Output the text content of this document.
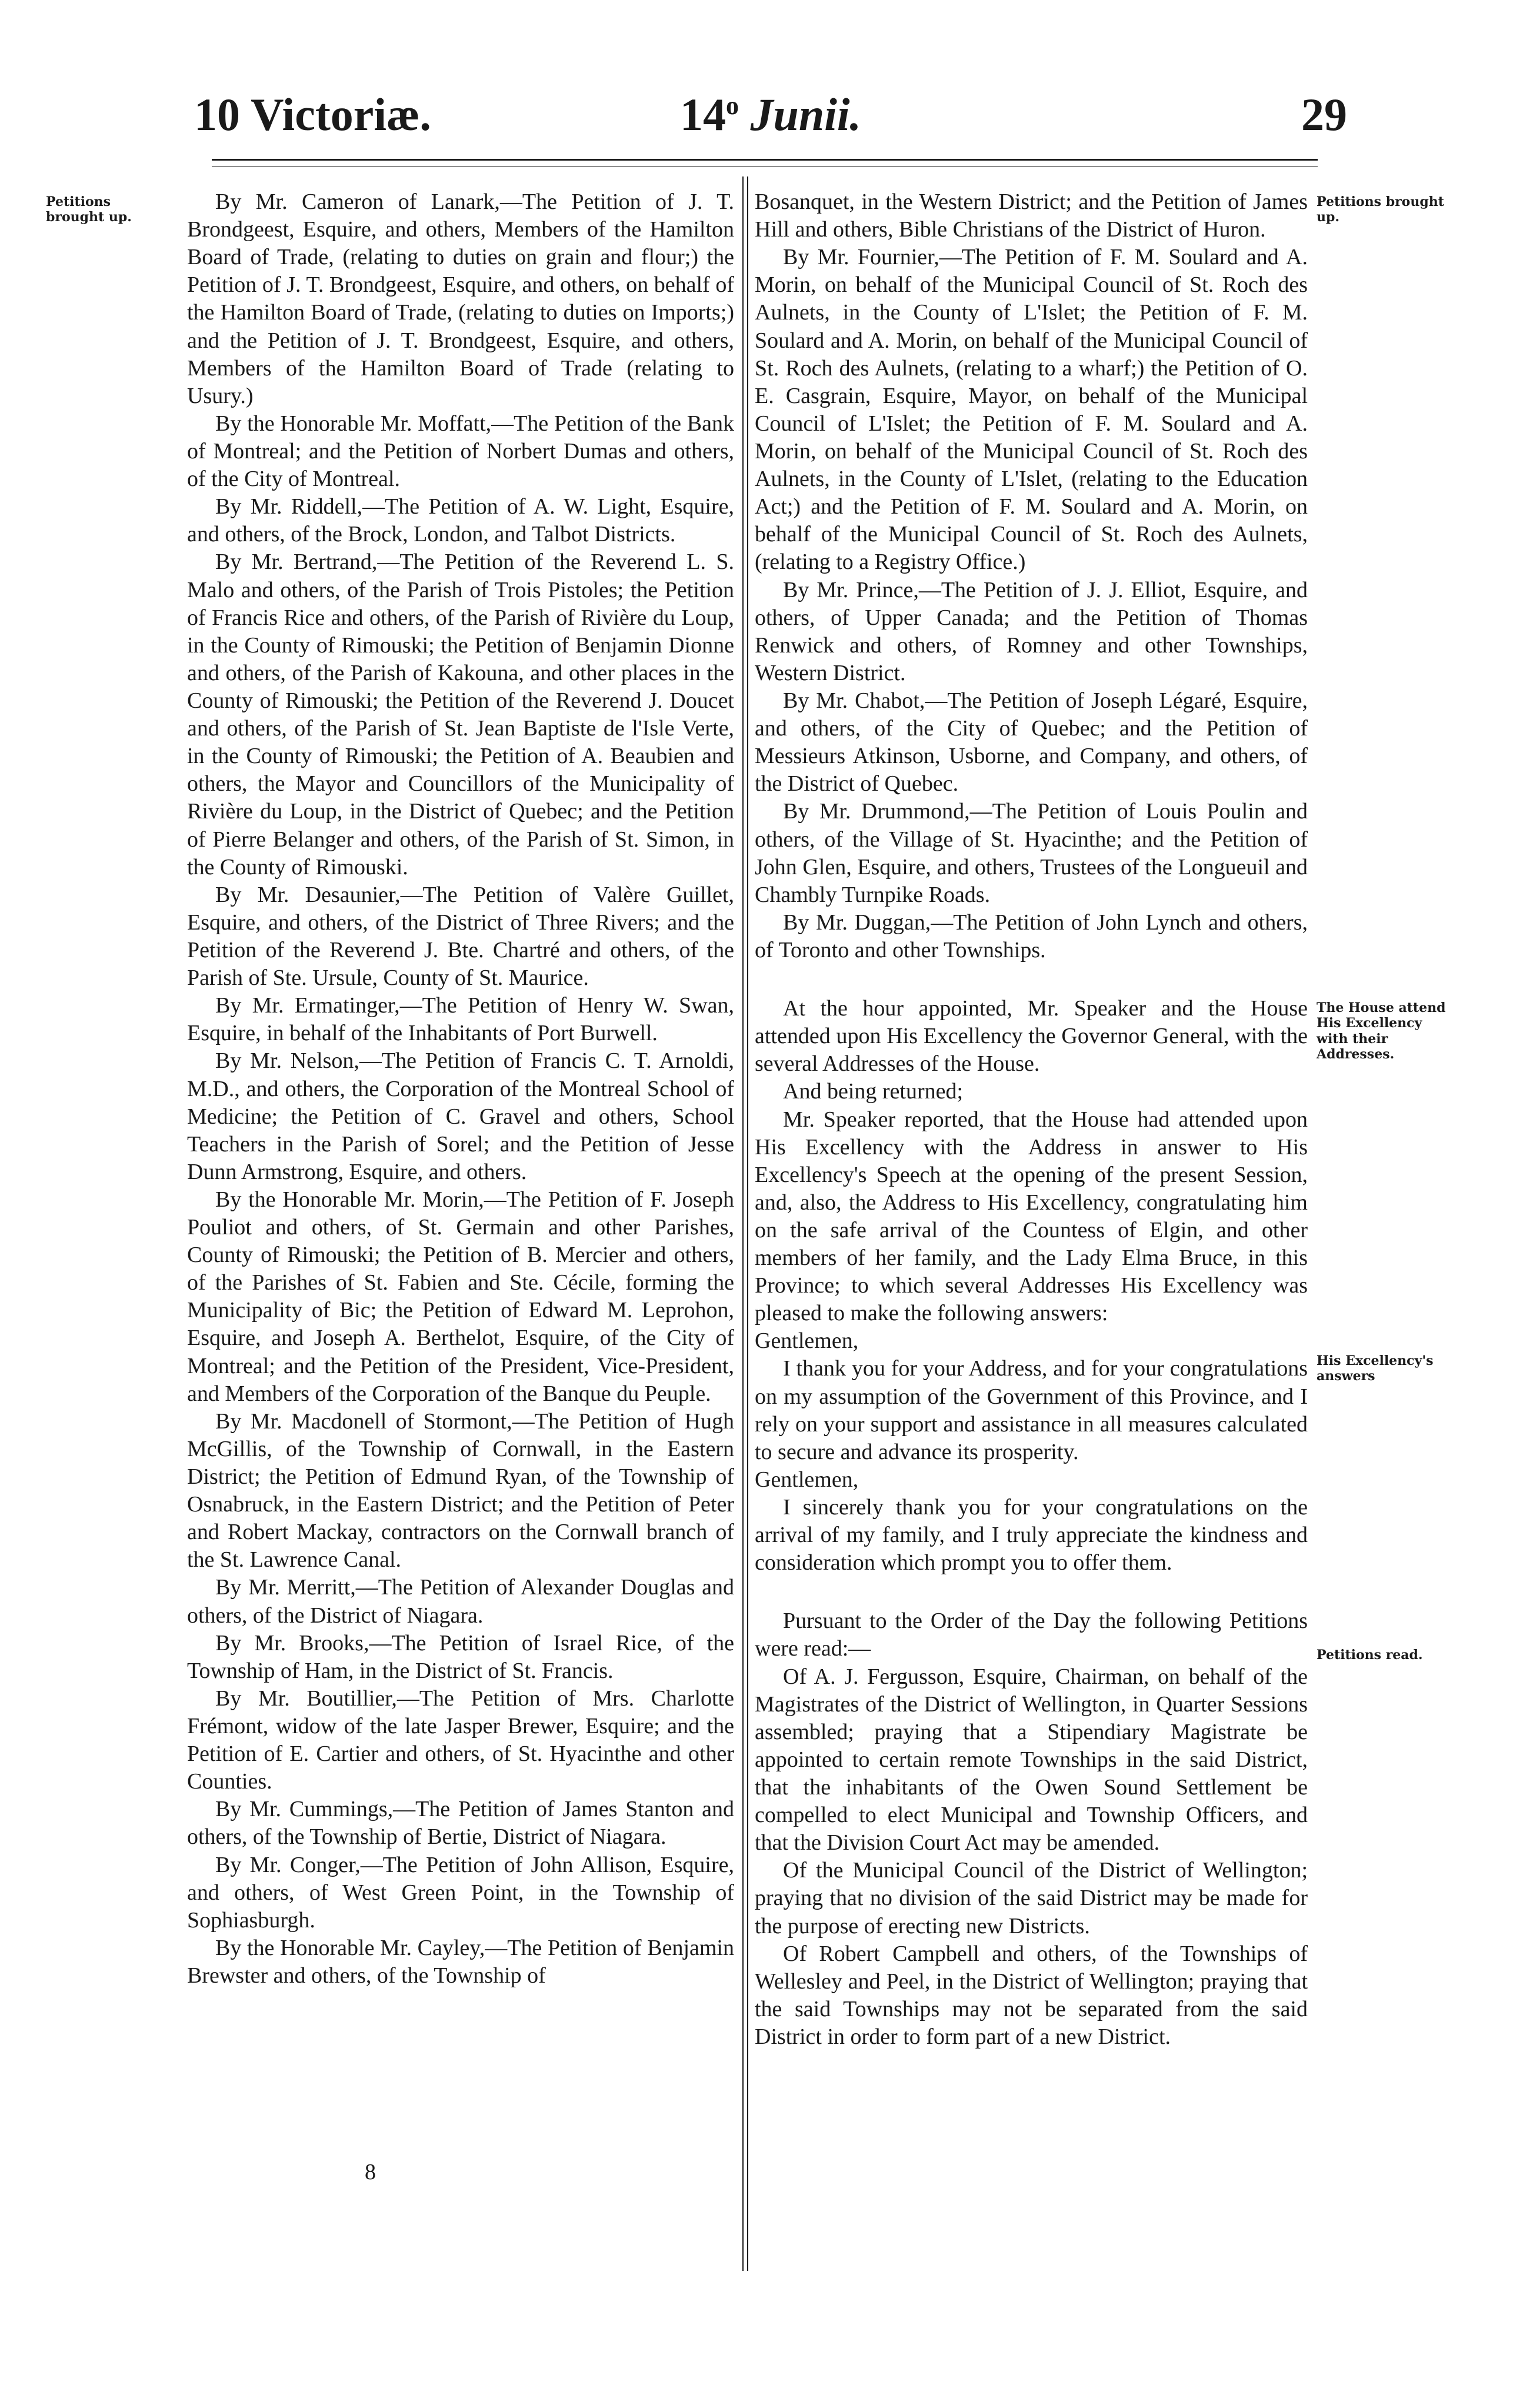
10 Victoriæ.	14$^o$ Junii.	29
Petitions brought up.
Petitions brought up.
The House attend His Excellency with their Addresses.
His Excellency's answers
Petitions read.

By Mr. Cameron of Lanark,—The Petition of J. T. Brondgeest, Esquire, and others, Members of the Hamilton Board of Trade, (relating to duties on grain and flour;) the Petition of J. T. Brondgeest, Esquire, and others, on behalf of the Hamilton Board of Trade, (relating to duties on Imports;) and the Petition of J. T. Brondgeest, Esquire, and others, Members of the Hamilton Board of Trade (relating to Usury.)

By the Honorable Mr. Moffatt,—The Petition of the Bank of Montreal; and the Petition of Norbert Dumas and others, of the City of Montreal.

By Mr. Riddell,—The Petition of A. W. Light, Esquire, and others, of the Brock, London, and Talbot Districts.

By Mr. Bertrand,—The Petition of the Reverend L. S. Malo and others, of the Parish of Trois Pistoles; the Petition of Francis Rice and others, of the Parish of Rivière du Loup, in the County of Rimouski; the Petition of Benjamin Dionne and others, of the Parish of Kakouna, and other places in the County of Rimouski; the Petition of the Reverend J. Doucet and others, of the Parish of St. Jean Baptiste de l'Isle Verte, in the County of Rimouski; the Petition of A. Beaubien and others, the Mayor and Councillors of the Municipality of Rivière du Loup, in the District of Quebec; and the Petition of Pierre Belanger and others, of the Parish of St. Simon, in the County of Rimouski.

By Mr. Desaunier,—The Petition of Valère Guillet, Esquire, and others, of the District of Three Rivers; and the Petition of the Reverend J. Bte. Chartré and others, of the Parish of Ste. Ursule, County of St. Maurice.

By Mr. Ermatinger,—The Petition of Henry W. Swan, Esquire, in behalf of the Inhabitants of Port Burwell.

By Mr. Nelson,—The Petition of Francis C. T. Arnoldi, M.D., and others, the Corporation of the Montreal School of Medicine; the Petition of C. Gravel and others, School Teachers in the Parish of Sorel; and the Petition of Jesse Dunn Armstrong, Esquire, and others.

By the Honorable Mr. Morin,—The Petition of F. Joseph Pouliot and others, of St. Germain and other Parishes, County of Rimouski; the Petition of B. Mercier and others, of the Parishes of St. Fabien and Ste. Cécile, forming the Municipality of Bic; the Petition of Edward M. Leprohon, Esquire, and Joseph A. Berthelot, Esquire, of the City of Montreal; and the Petition of the President, Vice-President, and Members of the Corporation of the Banque du Peuple.

By Mr. Macdonell of Stormont,—The Petition of Hugh McGillis, of the Township of Cornwall, in the Eastern District; the Petition of Edmund Ryan, of the Township of Osnabruck, in the Eastern District; and the Petition of Peter and Robert Mackay, contractors on the Cornwall branch of the St. Lawrence Canal.

By Mr. Merritt,—The Petition of Alexander Douglas and others, of the District of Niagara.

By Mr. Brooks,—The Petition of Israel Rice, of the Township of Ham, in the District of St. Francis.

By Mr. Boutillier,—The Petition of Mrs. Charlotte Frémont, widow of the late Jasper Brewer, Esquire; and the Petition of E. Cartier and others, of St. Hyacinthe and other Counties.

By Mr. Cummings,—The Petition of James Stanton and others, of the Township of Bertie, District of Niagara.

By Mr. Conger,—The Petition of John Allison, Esquire, and others, of West Green Point, in the Township of Sophiasburgh.

By the Honorable Mr. Cayley,—The Petition of Benjamin Brewster and others, of the Township of

8

Bosanquet, in the Western District; and the Petition of James Hill and others, Bible Christians of the District of Huron.

By Mr. Fournier,—The Petition of F. M. Soulard and A. Morin, on behalf of the Municipal Council of St. Roch des Aulnets, in the County of L'Islet; the Petition of F. M. Soulard and A. Morin, on behalf of the Municipal Council of St. Roch des Aulnets, (relating to a wharf;) the Petition of O. E. Casgrain, Esquire, Mayor, on behalf of the Municipal Council of L'Islet; the Petition of F. M. Soulard and A. Morin, on behalf of the Municipal Council of St. Roch des Aulnets, in the County of L'Islet, (relating to the Education Act;) and the Petition of F. M. Soulard and A. Morin, on behalf of the Municipal Council of St. Roch des Aulnets, (relating to a Registry Office.)

By Mr. Prince,—The Petition of J. J. Elliot, Esquire, and others, of Upper Canada; and the Petition of Thomas Renwick and others, of Romney and other Townships, Western District.

By Mr. Chabot,—The Petition of Joseph Légaré, Esquire, and others, of the City of Quebec; and the Petition of Messieurs Atkinson, Usborne, and Company, and others, of the District of Quebec.

By Mr. Drummond,—The Petition of Louis Poulin and others, of the Village of St. Hyacinthe; and the Petition of John Glen, Esquire, and others, Trustees of the Longueuil and Chambly Turnpike Roads.

By Mr. Duggan,—The Petition of John Lynch and others, of Toronto and other Townships.

At the hour appointed, Mr. Speaker and the House attended upon His Excellency the Governor General, with the several Addresses of the House.

And being returned;

Mr. Speaker reported, that the House had attended upon His Excellency with the Address in answer to His Excellency's Speech at the opening of the present Session, and, also, the Address to His Excellency, congratulating him on the safe arrival of the Countess of Elgin, and other members of her family, and the Lady Elma Bruce, in this Province; to which several Addresses His Excellency was pleased to make the following answers:

Gentlemen,

I thank you for your Address, and for your congratulations on my assumption of the Government of this Province, and I rely on your support and assistance in all measures calculated to secure and advance its prosperity.

Gentlemen,

I sincerely thank you for your congratulations on the arrival of my family, and I truly appreciate the kindness and consideration which prompt you to offer them.

Pursuant to the Order of the Day the following Petitions were read:—

Of A. J. Fergusson, Esquire, Chairman, on behalf of the Magistrates of the District of Wellington, in Quarter Sessions assembled; praying that a Stipendiary Magistrate be appointed to certain remote Townships in the said District, that the inhabitants of the Owen Sound Settlement be compelled to elect Municipal and Township Officers, and that the Division Court Act may be amended.

Of the Municipal Council of the District of Wellington; praying that no division of the said District may be made for the purpose of erecting new Districts.

Of Robert Campbell and others, of the Townships of Wellesley and Peel, in the District of Wellington; praying that the said Townships may not be separated from the said District in order to form part of a new District.
